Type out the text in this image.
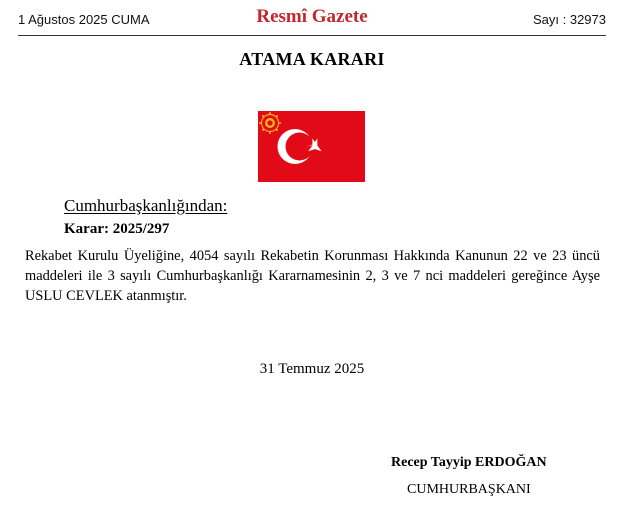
1 Ağustos 2025 CUMA	Resmî Gazete	Sayı : 32973
ATAMA KARARI
Cumhurbaşkanlığından:
Karar: 2025/297
Rekabet Kurulu Üyeliğine, 4054 sayılı Rekabetin Korunması Hakkında Kanunun 22 ve 23 üncü maddeleri ile 3 sayılı Cumhurbaşkanlığı Kararnamesinin 2, 3 ve 7 nci maddeleri gereğince Ayşe USLU CEVLEK atanmıştır.
31 Temmuz 2025
Recep Tayyip ERDOĞAN
CUMHURBAŞKANI
